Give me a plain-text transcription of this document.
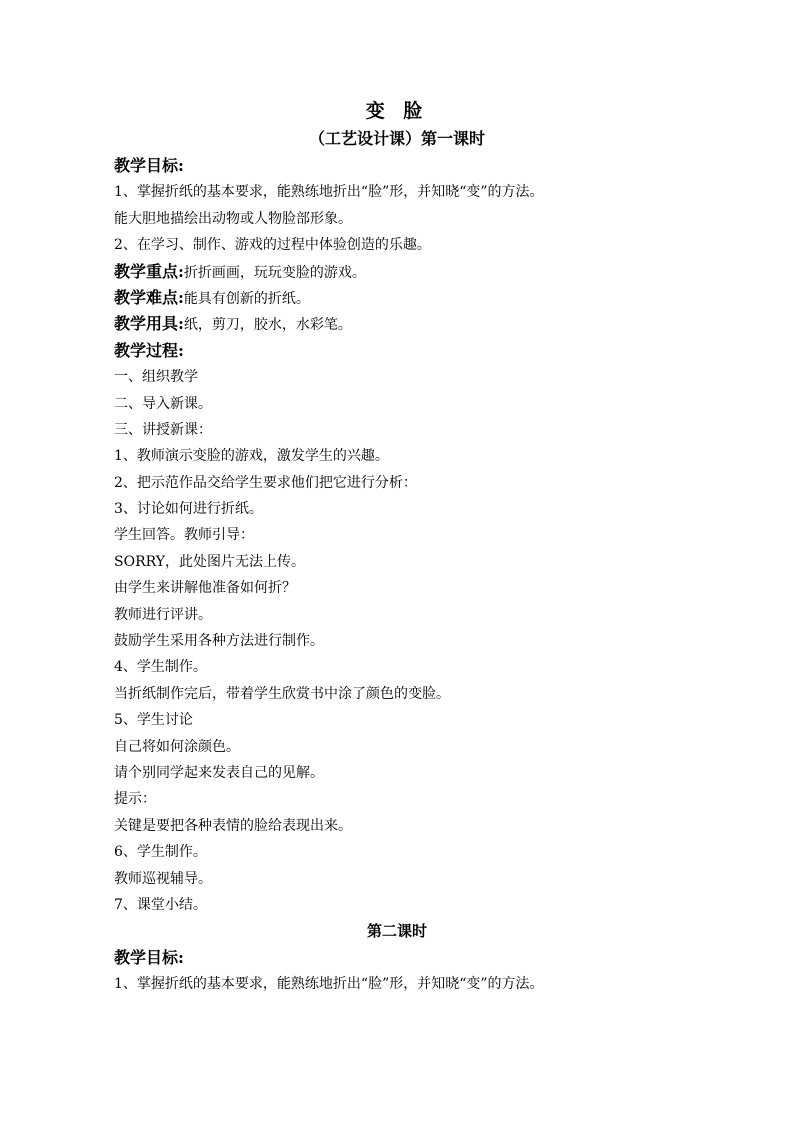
变 脸
（工艺设计课）第一课时
教学目标:
1、掌握折纸的基本要求，能熟练地折出“脸”形，并知晓“变”的方法。
能大胆地描绘出动物或人物脸部形象。
2、在学习、制作、游戏的过程中体验创造的乐趣。
教学重点:折折画画，玩玩变脸的游戏。
教学难点:能具有创新的折纸。
教学用具:纸，剪刀，胶水，水彩笔。
教学过程:
一、组织教学
二、导入新课。
三、讲授新课：
1、教师演示变脸的游戏，激发学生的兴趣。
2、把示范作品交给学生要求他们把它进行分析：
3、讨论如何进行折纸。
学生回答。教师引导：
SORRY，此处图片无法上传。
由学生来讲解他准备如何折？
教师进行评讲。
鼓励学生采用各种方法进行制作。
4、学生制作。
当折纸制作完后，带着学生欣赏书中涂了颜色的变脸。
5、学生讨论
自己将如何涂颜色。
请个别同学起来发表自己的见解。
提示：
关键是要把各种表情的脸给表现出来。
6、学生制作。
教师巡视辅导。
7、课堂小结。
第二课时
教学目标:
1、掌握折纸的基本要求，能熟练地折出“脸”形，并知晓“变”的方法。
